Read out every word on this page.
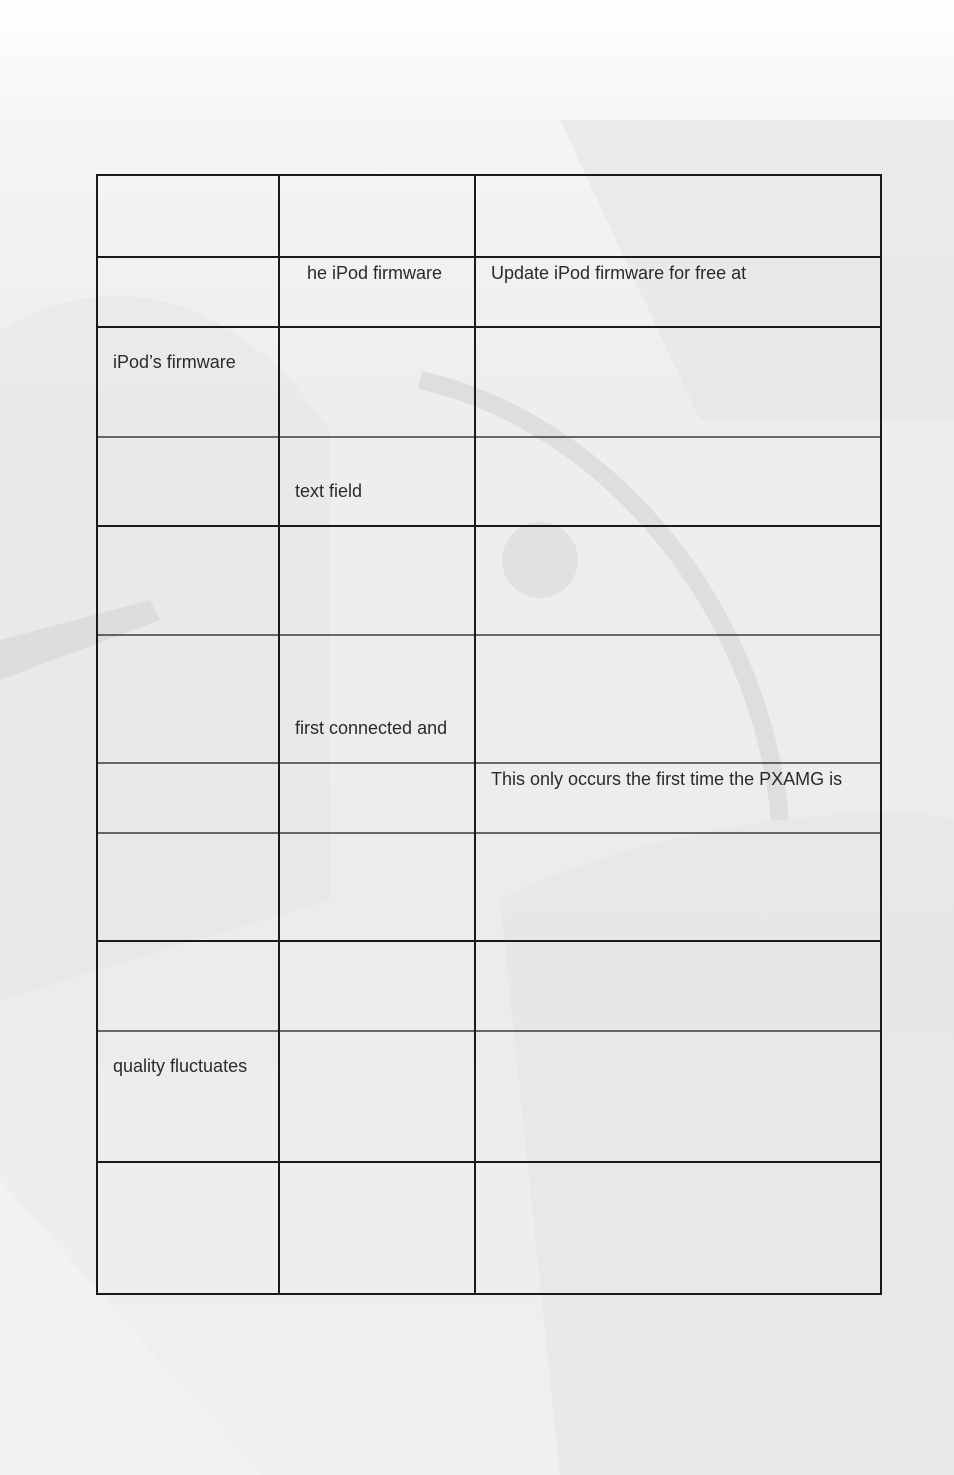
he iPod firmware	Update iPod firmware for free at
iPod’s firmware
text field
first connected and
This only occurs the first time the PXAMG is
quality fluctuates
